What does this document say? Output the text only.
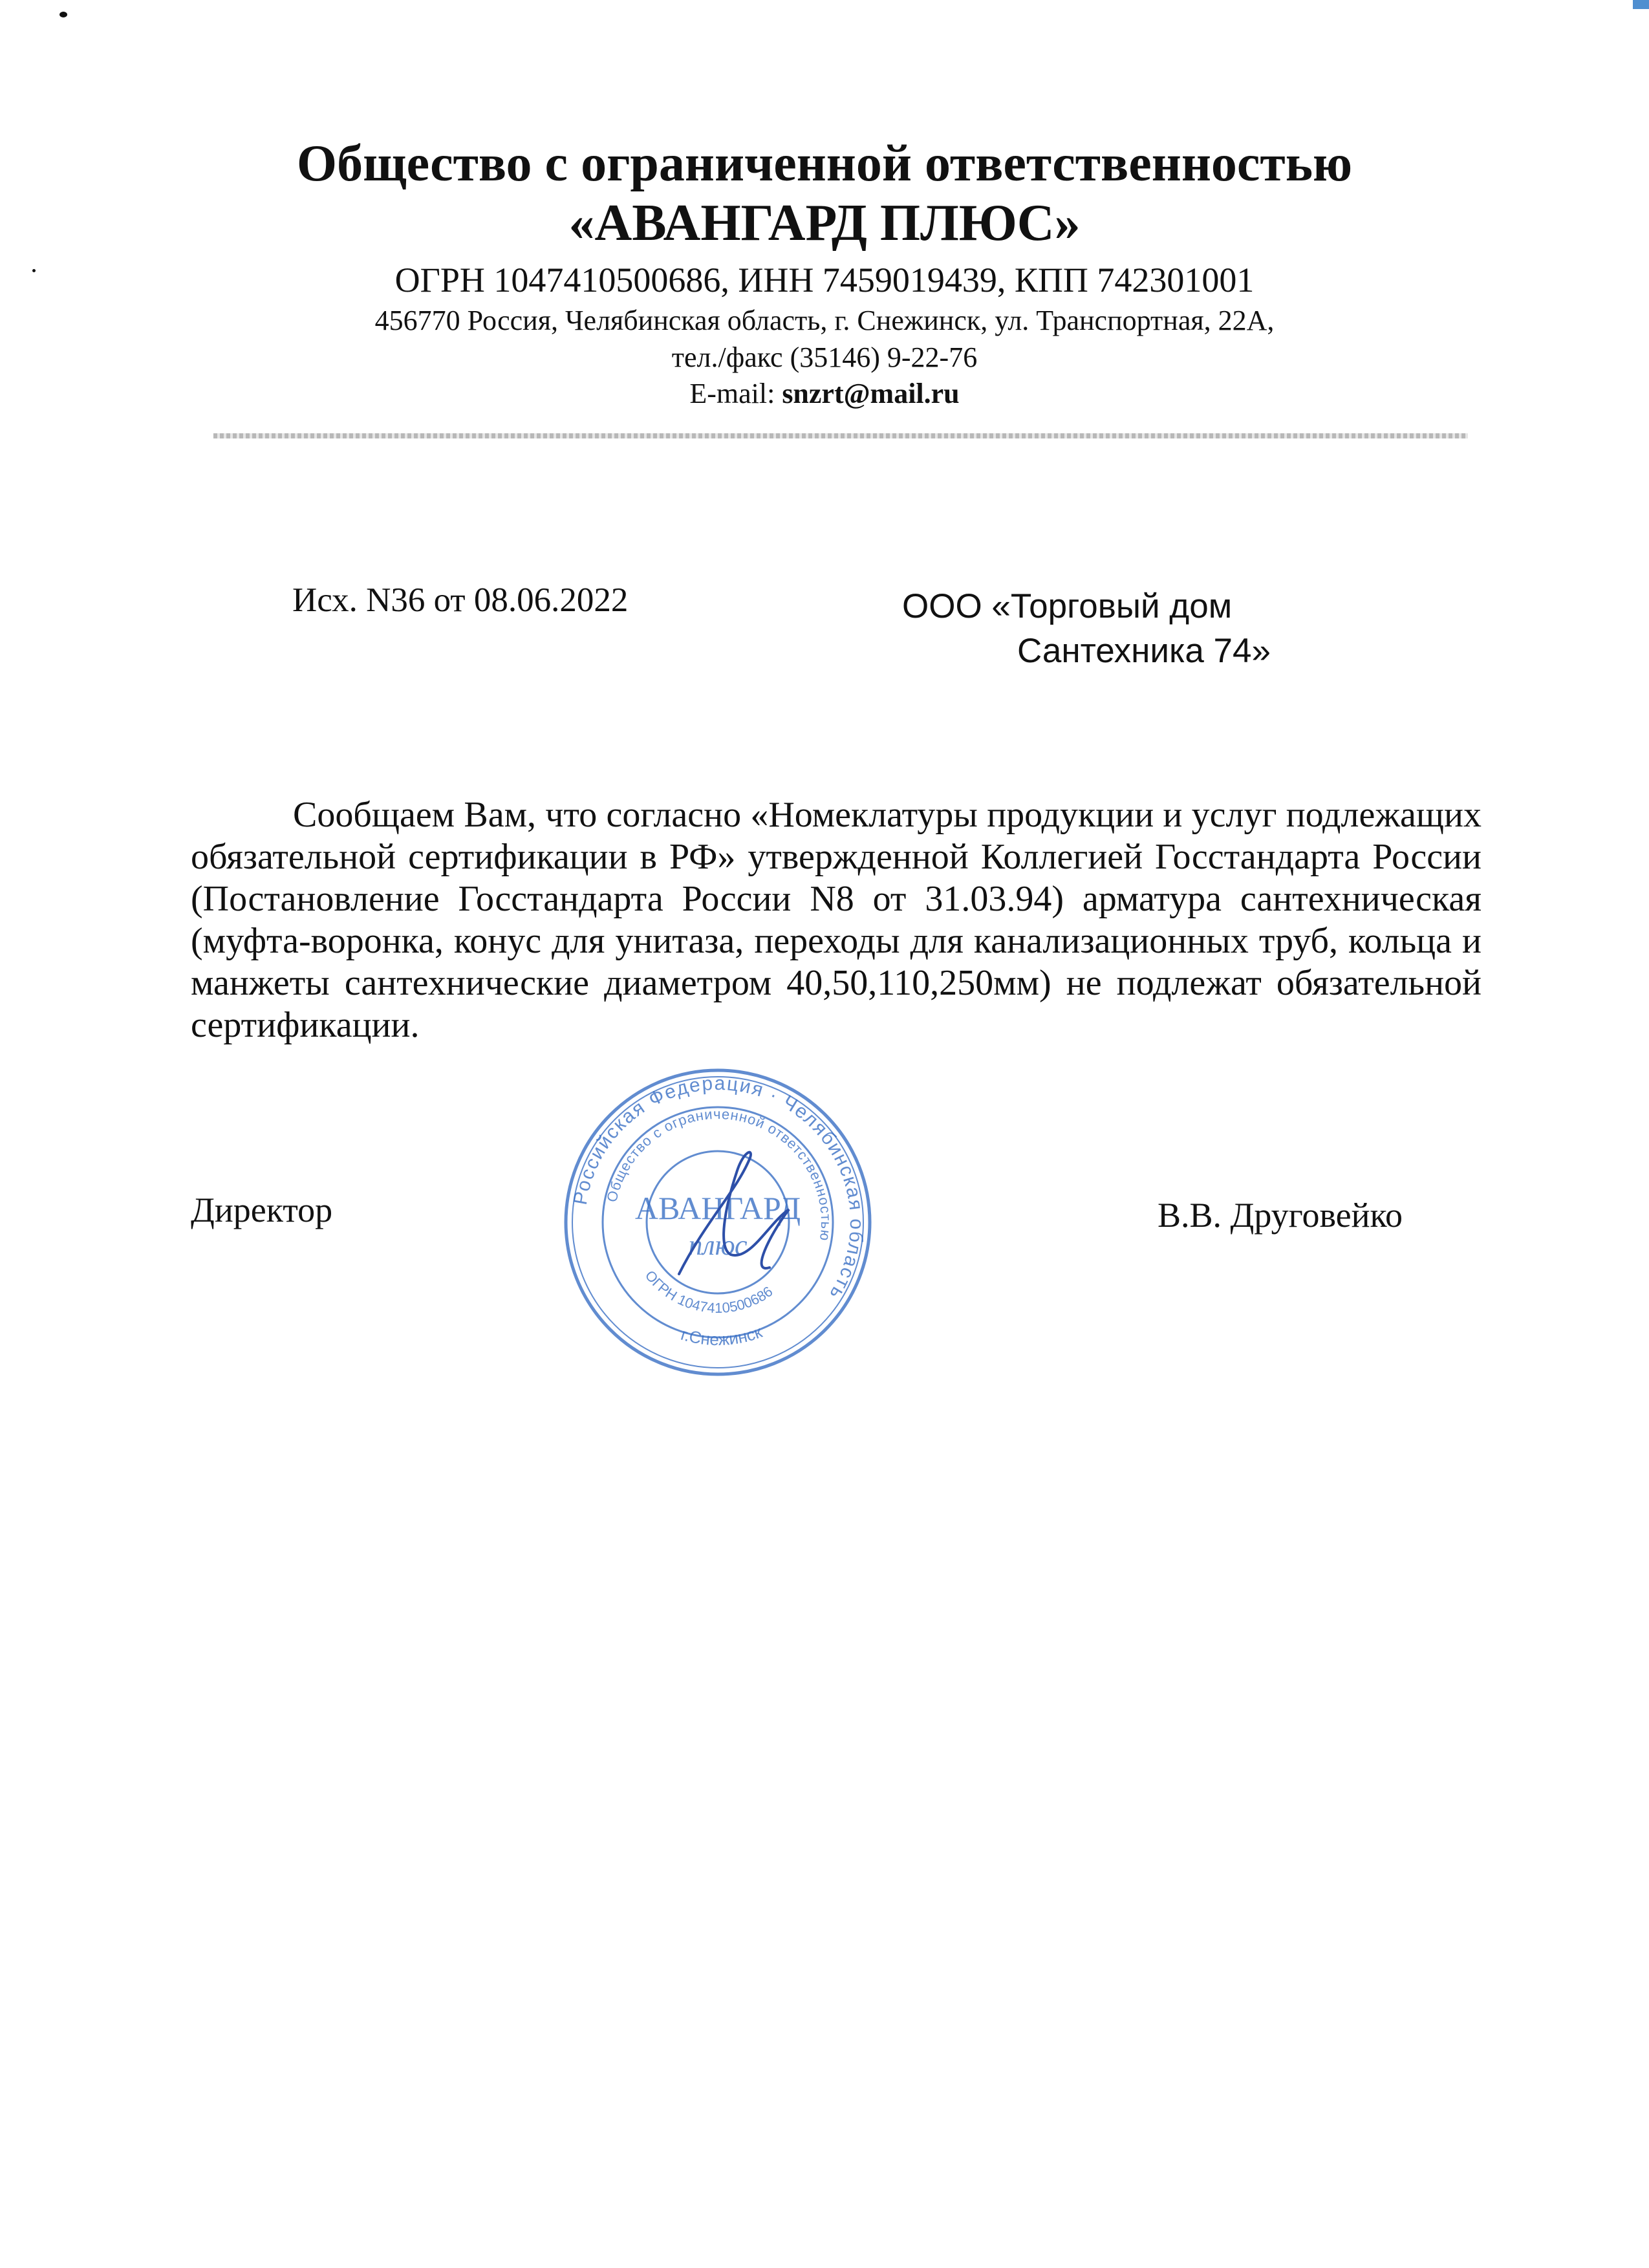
Общество с ограниченной ответственностью
«АВАНГАРД ПЛЮС»
ОГРН 1047410500686, ИНН 7459019439, КПП 742301001
456770 Россия, Челябинская область, г. Снежинск, ул. Транспортная, 22А,
тел./факс (35146) 9-22-76
E-mail: snzrt@mail.ru
Исх. N36 от 08.06.2022	ООО «Торговый дом
Сантехника 74»
Сообщаем Вам, что согласно «Номеклатуры продукции и услуг подлежащих обязательной сертификации в РФ» утвержденной Коллегией Госстандарта России (Постановление Госстандарта России N8 от 31.03.94) арматура сантехническая (муфта-воронка, конус для унитаза, переходы для канализационных труб, кольца и манжеты сантехнические диаметром 40,50,110,250мм) не подлежат обязательной сертификации.
Директор	В.В. Друговейко
Российская Федерация · Челябинская область
Общество с ограниченной ответственностью
ОГРН 1047410500686
г.Снежинск
АВАНГАРД
плюс
